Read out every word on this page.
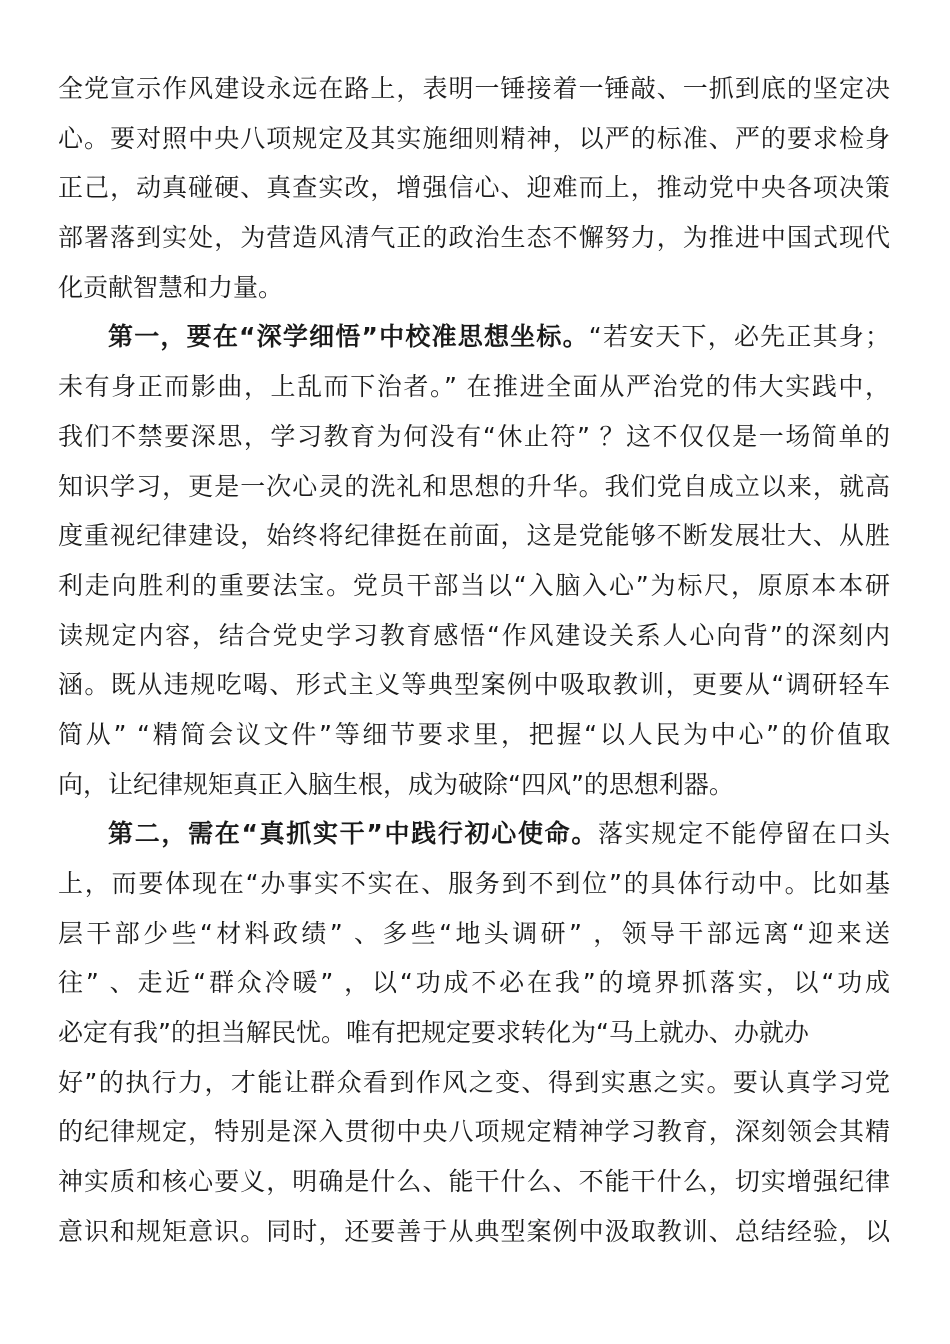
全党宣示作风建设永远在路上，表明一锤接着一锤敲、一抓到底的坚定决
心。要对照中央八项规定及其实施细则精神，以严的标准、严的要求检身
正己，动真碰硬、真查实改，增强信心、迎难而上，推动党中央各项决策
部署落到实处，为营造风清气正的政治生态不懈努力，为推进中国式现代
化贡献智慧和力量。
第一，要在“深学细悟”中校准思想坐标。“若安天下，必先正其身；
未有身正而影曲，上乱而下治者。” 在推进全面从严治党的伟大实践中，
我们不禁要深思，学习教育为何没有“休止符” ？这不仅仅是一场简单的
知识学习，更是一次心灵的洗礼和思想的升华。我们党自成立以来，就高
度重视纪律建设，始终将纪律挺在前面，这是党能够不断发展壮大、从胜
利走向胜利的重要法宝。党员干部当以“入脑入心”为标尺，原原本本研
读规定内容，结合党史学习教育感悟“作风建设关系人心向背”的深刻内
涵。既从违规吃喝、形式主义等典型案例中吸取教训，更要从“调研轻车
简从” “精简会议文件”等细节要求里，把握“以人民为中心”的价值取
向，让纪律规矩真正入脑生根，成为破除“四风”的思想利器。
第二，需在“真抓实干”中践行初心使命。落实规定不能停留在口头
上，而要体现在“办事实不实在、服务到不到位”的具体行动中。比如基
层干部少些“材料政绩” 、多些“地头调研” ，领导干部远离“迎来送
往” 、走近“群众冷暖” ，以“功成不必在我”的境界抓落实，以“功成
必定有我”的担当解民忧。唯有把规定要求转化为“马上就办、办就办
好”的执行力，才能让群众看到作风之变、得到实惠之实。要认真学习党
的纪律规定，特别是深入贯彻中央八项规定精神学习教育，深刻领会其精
神实质和核心要义，明确是什么、能干什么、不能干什么，切实增强纪律
意识和规矩意识。同时，还要善于从典型案例中汲取教训、总结经验，以
